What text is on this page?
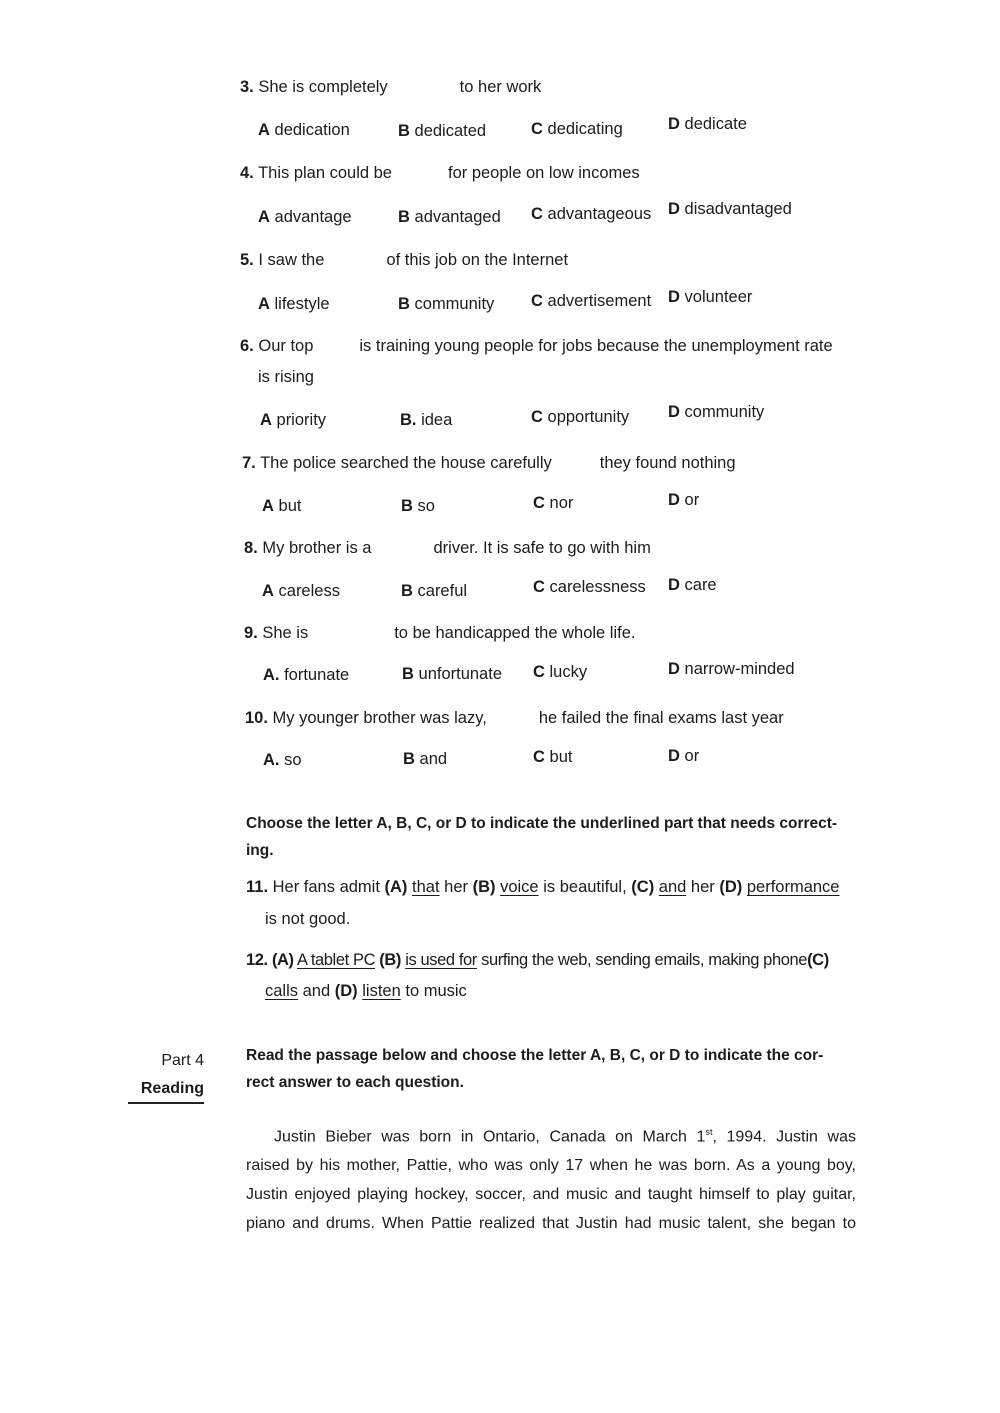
3. She is completely	to her work
A dedication	B dedicated	C dedicating	D dedicate
4. This plan could be	for people on low incomes
A advantage	B advantaged C advantageous D disadvantaged
5. I saw the	of this job on the Internet
A lifestyle	B community C advertisement D volunteer
6. Our top	is training young people for jobs because the unemployment rate
is rising
A priority	B. idea	C opportunity D community
7. The police searched the house carefully	they found nothing
A but	B so	C nor	D or
8. My brother is a	driver. It is safe to go with him
A careless	B careful	C carelessness D care
9. She is	to be handicapped the whole life.
A. fortunate	B unfortunate C lucky	D narrow-minded
10. My younger brother was lazy,	he failed the final exams last year
A. so	B and	C but	D or
Choose the letter A, B, C, or D to indicate the underlined part that needs correct-
ing.
11. Her fans admit (A) that her (B) voice is beautiful, (C) and her (D) performance
is not good.
12. (A) A tablet PC (B) is used for surfing the web, sending emails, making phone(C)
calls and (D) listen to music
Part 4
Reading
Read the passage below and choose the letter A, B, C, or D to indicate the cor-
rect answer to each question.
Justin Bieber was born in Ontario, Canada on March 1st, 1994. Justin was
raised by his mother, Pattie, who was only 17 when he was born. As a young boy,
Justin enjoyed playing hockey, soccer, and music and taught himself to play guitar,
piano and drums. When Pattie realized that Justin had music talent, she began to
